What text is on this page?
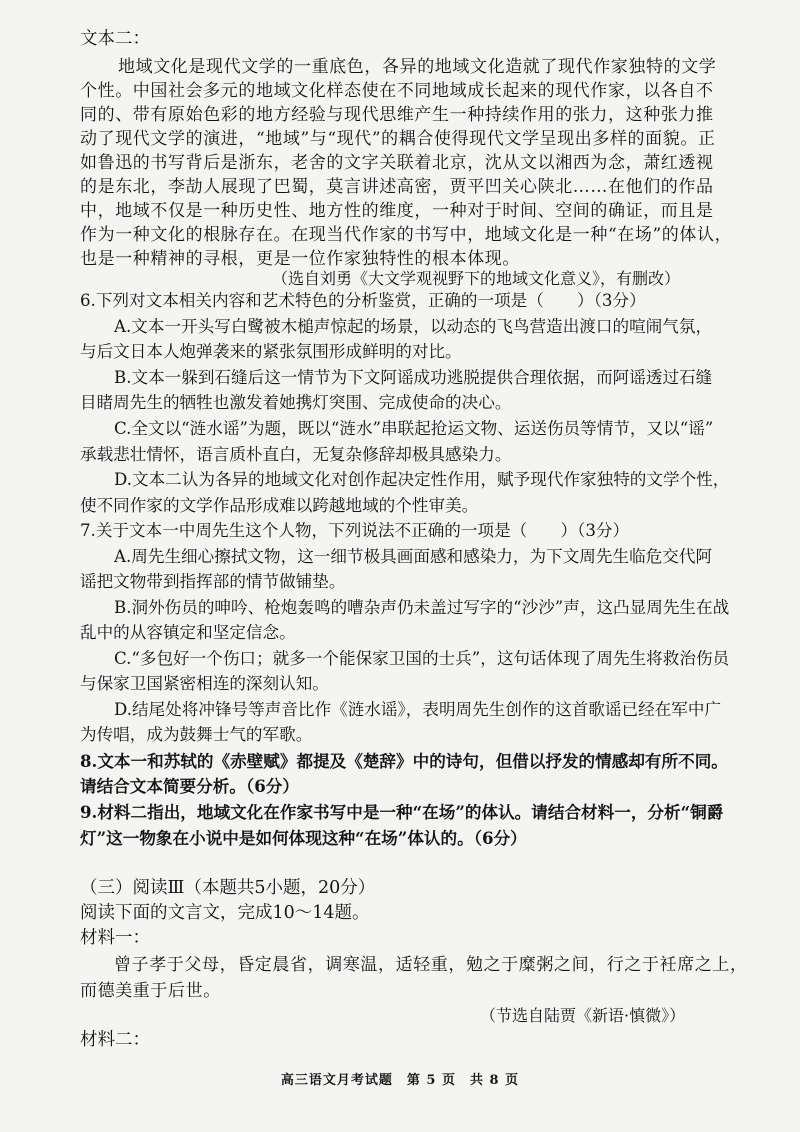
文本二：

地域文化是现代文学的一重底色，各异的地域文化造就了现代作家独特的文学

个性。中国社会多元的地域文化样态使在不同地域成长起来的现代作家，以各自不

同的、带有原始色彩的地方经验与现代思维产生一种持续作用的张力，这种张力推

动了现代文学的演进，“地域”与“现代”的耦合使得现代文学呈现出多样的面貌。正

如鲁迅的书写背后是浙东，老舍的文字关联着北京，沈从文以湘西为念，萧红透视

的是东北，李劼人展现了巴蜀，莫言讲述高密，贾平凹关心陕北……在他们的作品

中，地域不仅是一种历史性、地方性的维度，一种对于时间、空间的确证，而且是

作为一种文化的根脉存在。在现当代作家的书写中，地域文化是一种“在场”的体认，

也是一种精神的寻根，更是一位作家独特性的根本体现。

（选自刘勇《大文学观视野下的地域文化意义》，有删改）

6.下列对文本相关内容和艺术特色的分析鉴赏，正确的一项是（　　）（3分）

A.文本一开头写白鹭被木槌声惊起的场景，以动态的飞鸟营造出渡口的喧闹气氛，

与后文日本人炮弹袭来的紧张氛围形成鲜明的对比。

B.文本一躲到石缝后这一情节为下文阿谣成功逃脱提供合理依据，而阿谣透过石缝

目睹周先生的牺牲也激发着她携灯突围、完成使命的决心。

C.全文以“涟水谣”为题，既以“涟水”串联起抢运文物、运送伤员等情节，又以“谣”

承载悲壮情怀，语言质朴直白，无复杂修辞却极具感染力。

D.文本二认为各异的地域文化对创作起决定性作用，赋予现代作家独特的文学个性，

使不同作家的文学作品形成难以跨越地域的个性审美。

7.关于文本一中周先生这个人物，下列说法不正确的一项是（　　）（3分）

A.周先生细心擦拭文物，这一细节极具画面感和感染力，为下文周先生临危交代阿

谣把文物带到指挥部的情节做铺垫。

B.洞外伤员的呻吟、枪炮轰鸣的嘈杂声仍未盖过写字的“沙沙”声，这凸显周先生在战

乱中的从容镇定和坚定信念。

C.“多包好一个伤口；就多一个能保家卫国的士兵”，这句话体现了周先生将救治伤员

与保家卫国紧密相连的深刻认知。

D.结尾处将冲锋号等声音比作《涟水谣》，表明周先生创作的这首歌谣已经在军中广

为传唱，成为鼓舞士气的军歌。

8.文本一和苏轼的《赤壁赋》都提及《楚辞》中的诗句，但借以抒发的情感却有所不同。

请结合文本简要分析。（6分）

9.材料二指出，地域文化在作家书写中是一种“在场”的体认。请结合材料一，分析“铜爵

灯”这一物象在小说中是如何体现这种“在场”体认的。（6分）

（三）阅读Ⅲ（本题共5小题，20分）

阅读下面的文言文，完成10～14题。

材料一：

曾子孝于父母，昏定晨省，调寒温，适轻重，勉之于糜粥之间，行之于衽席之上，

而德美重于后世。

（节选自陆贾《新语·慎微》）

材料二：

高三语文月考试题　第 5 页　共 8 页
